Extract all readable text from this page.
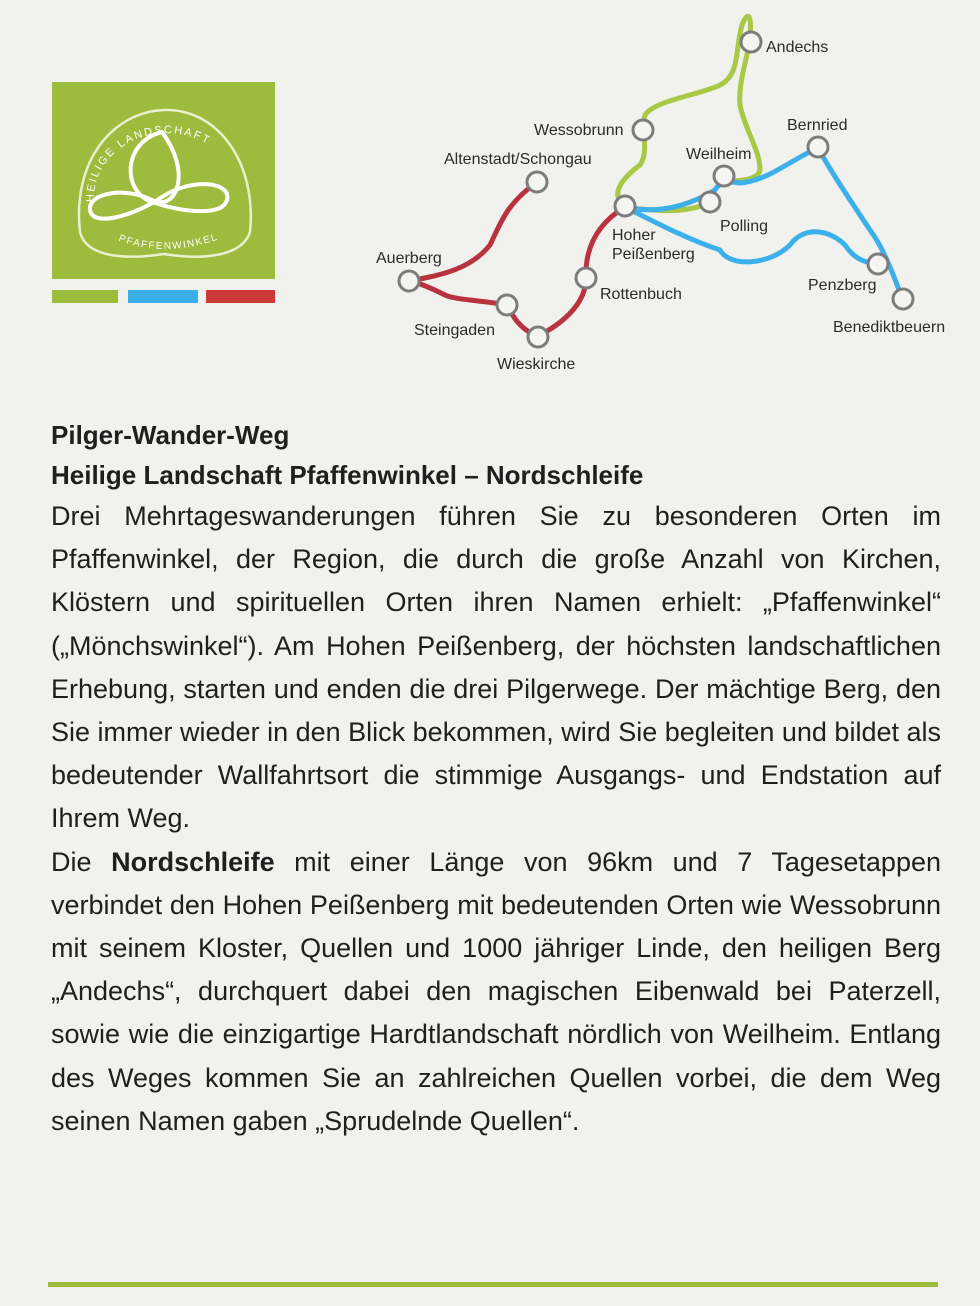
HEILIGE LANDSCHAFT
PFAFFENWINKEL
Andechs
Wessobrunn
Weilheim
Bernried
Altenstadt/Schongau
Hoher
Peißenberg
Polling
Auerberg
Rottenbuch
Penzberg
Benediktbeuern
Steingaden
Wieskirche

Pilger-Wander-Weg

Heilige Landschaft Pfaffenwinkel – Nordschleife

Drei Mehrtageswanderungen führen Sie zu besonderen Orten im Pfaffenwinkel, der Region, die durch die große Anzahl von Kirchen, Klöstern und spirituellen Orten ihren Namen erhielt: „Pfaffenwinkel“ („Mönchswinkel“). Am Hohen Peißenberg, der höchsten landschaftlichen Erhebung, starten und enden die drei Pilgerwege. Der mächtige Berg, den Sie immer wieder in den Blick bekommen, wird Sie begleiten und bildet als bedeutender Wallfahrtsort die stimmige Ausgangs- und Endstation auf Ihrem Weg.

Die Nordschleife mit einer Länge von 96km und 7 Tagesetappen verbindet den Hohen Peißenberg mit bedeutenden Orten wie Wessobrunn mit seinem Kloster, Quellen und 1000 jähriger Linde, den heiligen Berg „Andechs“, durchquert dabei den magischen Eibenwald bei Paterzell, sowie wie die einzigartige Hardtlandschaft nördlich von Weilheim. Entlang des Weges kommen Sie an zahlreichen Quellen vorbei, die dem Weg seinen Namen gaben „Sprudelnde Quellen“.
